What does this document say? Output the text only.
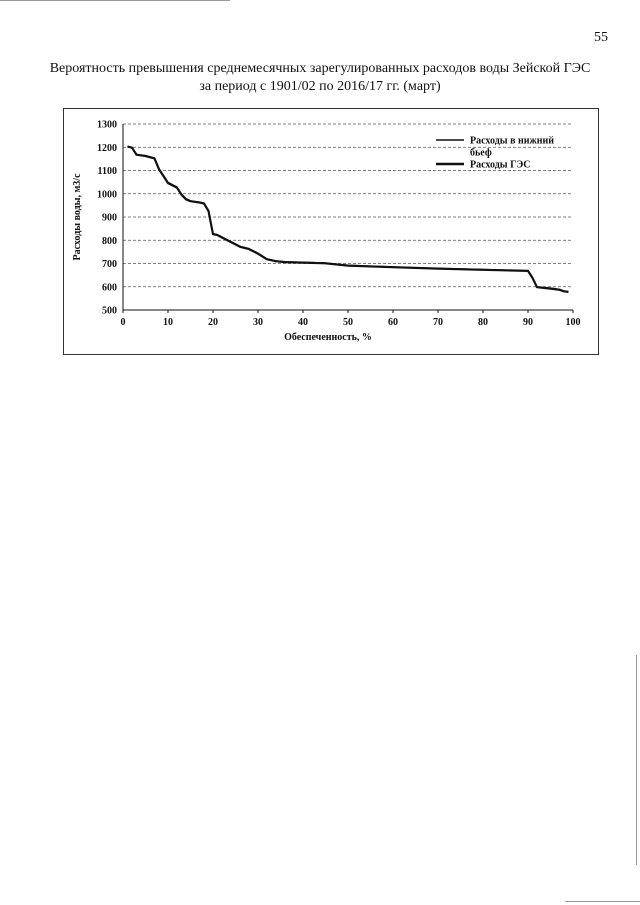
55
Вероятность превышения среднемесячных зарегулированных расходов воды Зейской ГЭС
за период с 1901/02 по 2016/17 гг. (март)
500
600
700
800
900
1000
1100
1200
1300
0	10	20	30	40	50	60	70	80	90	100
Расходы в нижний бьеф
Расходы ГЭС
Расходы воды, м3/с
Обеспеченность, %
